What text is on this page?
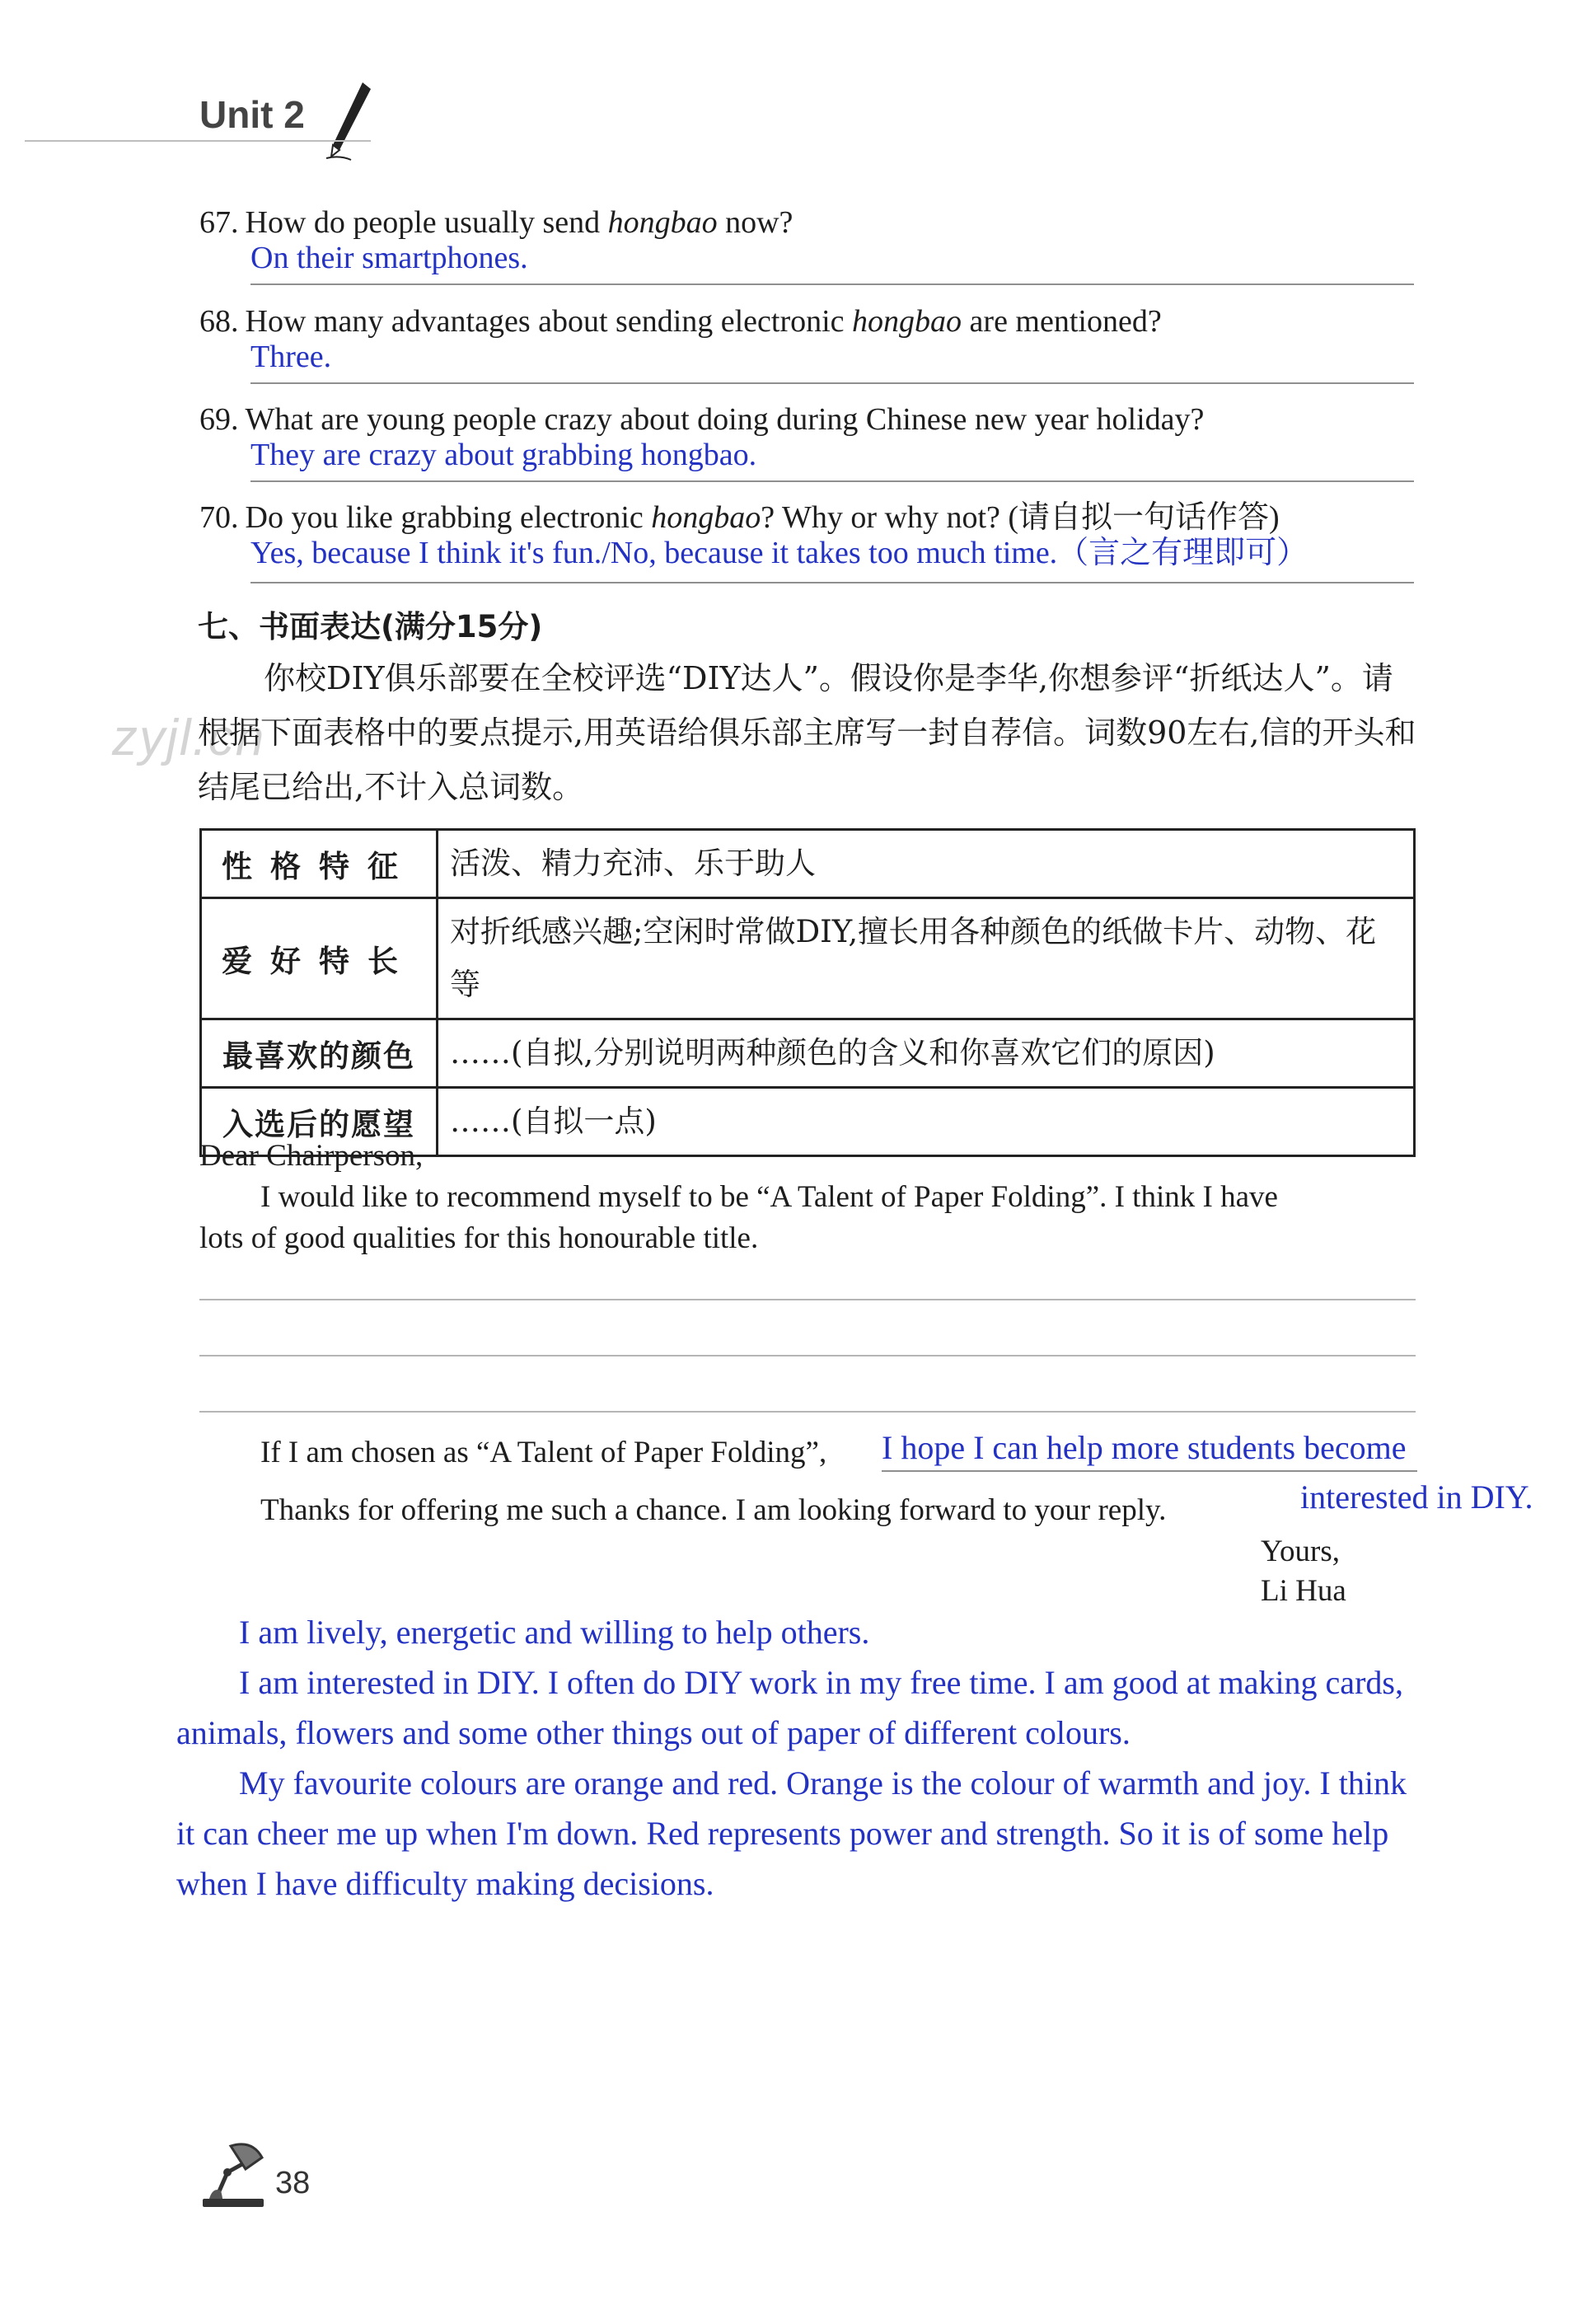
Unit 2
zyjl.cn
67. How do people usually send hongbao now?
On their smartphones.
68. How many advantages about sending electronic hongbao are mentioned?
Three.
69. What are young people crazy about doing during Chinese new year holiday?
They are crazy about grabbing hongbao.
70. Do you like grabbing electronic hongbao? Why or why not? (请自拟一句话作答)
Yes, because I think it's fun./No, because it takes too much time.（言之有理即可）
七、书面表达(满分15分)
你校DIY俱乐部要在全校评选“DIY达人”。假设你是李华,你想参评“折纸达人”。请根据下面表格中的要点提示,用英语给俱乐部主席写一封自荐信。词数90左右,信的开头和结尾已给出,不计入总词数。
性格特征	活泼、精力充沛、乐于助人
爱好特长	对折纸感兴趣;空闲时常做DIY,擅长用各种颜色的纸做卡片、动物、花等
最喜欢的颜色	……(自拟,分别说明两种颜色的含义和你喜欢它们的原因)
入选后的愿望	……(自拟一点)
Dear Chairperson,
I would like to recommend myself to be “A Talent of Paper Folding”. I think I have
lots of good qualities for this honourable title.
If I am chosen as “A Talent of Paper Folding”, I hope I can help more students become
interested in DIY.
Thanks for offering me such a chance. I am looking forward to your reply.
Yours,
Li Hua

I am lively, energetic and willing to help others.

I am interested in DIY. I often do DIY work in my free time. I am good at making cards, animals, flowers and some other things out of paper of different colours.

My favourite colours are orange and red. Orange is the colour of warmth and joy. I think it can cheer me up when I'm down. Red represents power and strength. So it is of some help when I have difficulty making decisions.

38
